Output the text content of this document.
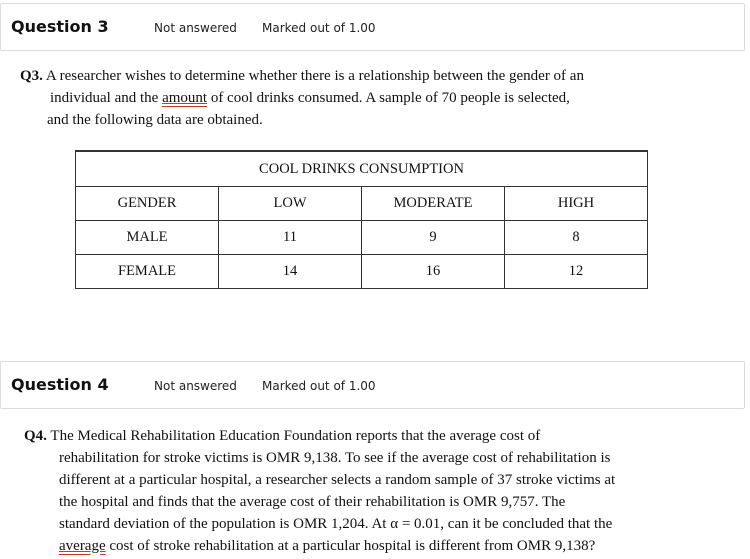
Question 3	Not answered Marked out of 1.00
Q3. A researcher wishes to determine whether there is a relationship between the gender of an
individual and the amount of cool drinks consumed. A sample of 70 people is selected,
and the following data are obtained.

COOL DRINKS CONSUMPTION			
GENDER	LOW	MODERATE	HIGH
MALE	11	9	8
FEMALE	14	16	12
Question 4	Not answered Marked out of 1.00
Q4. The Medical Rehabilitation Education Foundation reports that the average cost of
rehabilitation for stroke victims is OMR 9,138. To see if the average cost of rehabilitation is
different at a particular hospital, a researcher selects a random sample of 37 stroke victims at
the hospital and finds that the average cost of their rehabilitation is OMR 9,757. The
standard deviation of the population is OMR 1,204. At α = 0.01, can it be concluded that the
average cost of stroke rehabilitation at a particular hospital is different from OMR 9,138?
